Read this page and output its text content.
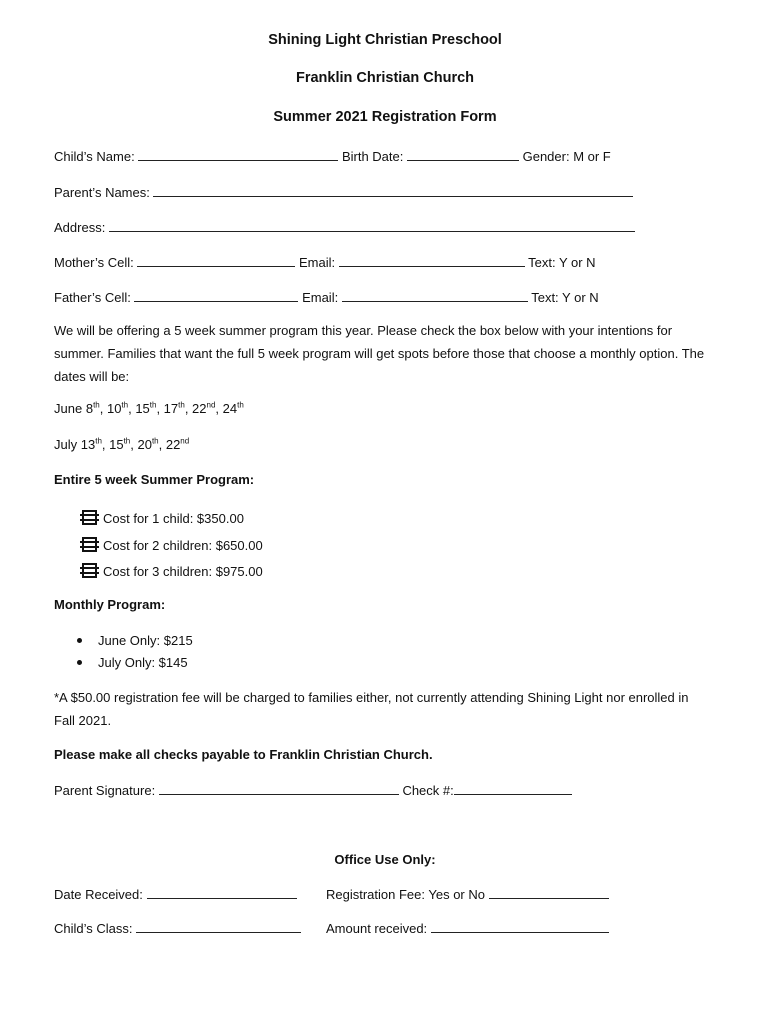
Shining Light Christian Preschool
Franklin Christian Church
Summer 2021 Registration Form
Child’s Name:	Birth Date:	Gender: M or F
Parent’s Names:
Address:
Mother’s Cell:	Email:	Text: Y or N
Father’s Cell:	Email:	Text: Y or N
We will be offering a 5 week summer program this year. Please check the box below with your intentions for summer. Families that want the full 5 week program will get spots before those that choose a monthly option. The dates will be:
June 8th, 10th, 15th, 17th, 22nd, 24th
July 13th, 15th, 20th, 22nd
Entire 5 week Summer Program:
Cost for 1 child: $350.00
Cost for 2 children: $650.00
Cost for 3 children: $975.00
Monthly Program:
June Only: $215
July Only: $145
*A $50.00 registration fee will be charged to families either, not currently attending Shining Light nor enrolled in Fall 2021.
Please make all checks payable to Franklin Christian Church.
Parent Signature:	Check #:
Office Use Only:
Date Received:	Registration Fee: Yes or No
Child’s Class:	Amount received:
